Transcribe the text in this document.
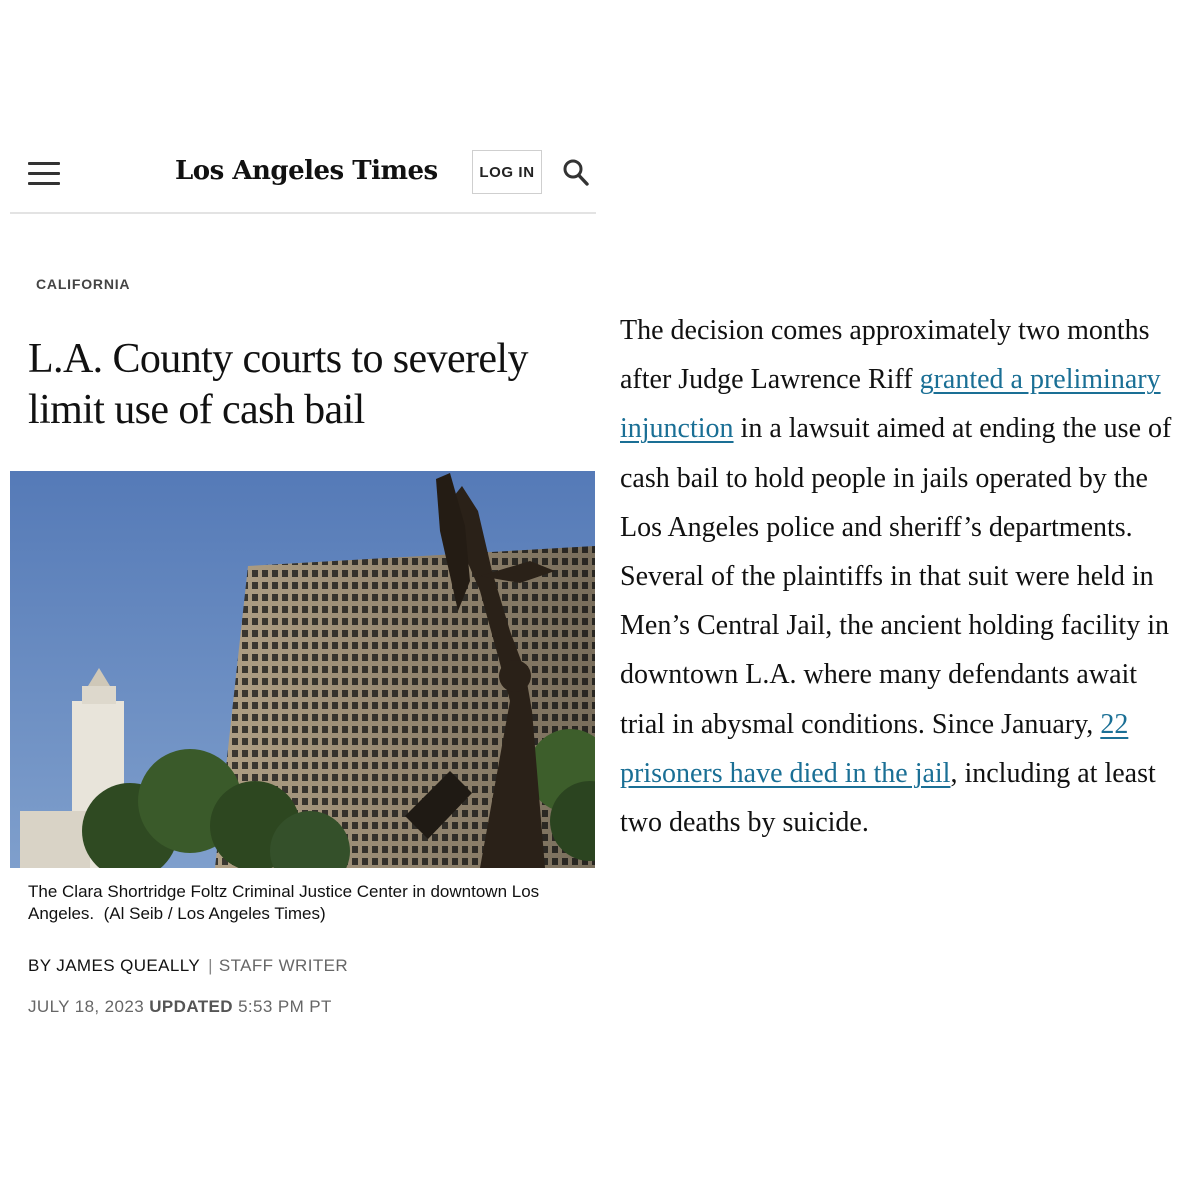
Los Angeles Times	LOG IN
CALIFORNIA
L.A. County courts to severely limit use of cash bail
The Clara Shortridge Foltz Criminal Justice Center in downtown Los Angeles.  (Al Seib / Los Angeles Times)
BY JAMES QUEALLY | STAFF WRITER
JULY 18, 2023 UPDATED 5:53 PM PT

The decision comes approximately two months after Judge Lawrence Riff granted a preliminary injunction in a lawsuit aimed at ending the use of cash bail to hold people in jails operated by the Los Angeles police and sheriff’s departments. Several of the plaintiffs in that suit were held in Men’s Central Jail, the ancient holding facility in downtown L.A. where many defendants await trial in abysmal conditions. Since January, 22 prisoners have died in the jail, including at least two deaths by suicide.
